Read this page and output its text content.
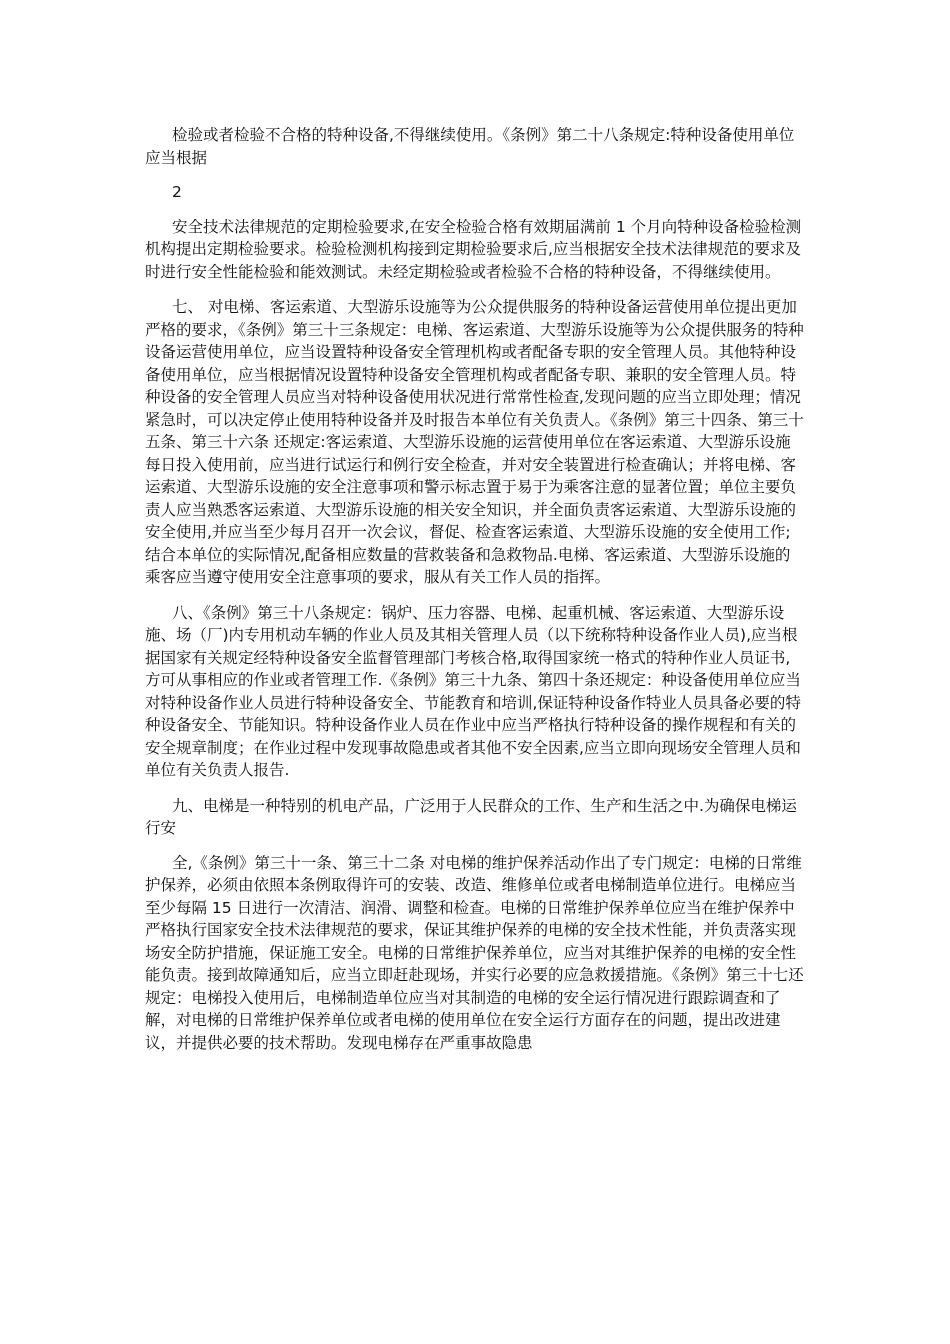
检验或者检验不合格的特种设备,不得继续使用。《条例》第二十八条规定:特种设备使用单位应当根据

2

安全技术法律规范的定期检验要求,在安全检验合格有效期届满前 1 个月向特种设备检验检测机构提出定期检验要求。检验检测机构接到定期检验要求后,应当根据安全技术法律规范的要求及时进行安全性能检验和能效测试。未经定期检验或者检验不合格的特种设备，不得继续使用。

七、 对电梯、客运索道、大型游乐设施等为公众提供服务的特种设备运营使用单位提出更加严格的要求，《条例》第三十三条规定：电梯、客运索道、大型游乐设施等为公众提供服务的特种设备运营使用单位，应当设置特种设备安全管理机构或者配备专职的安全管理人员。其他特种设备使用单位，应当根据情况设置特种设备安全管理机构或者配备专职、兼职的安全管理人员。特种设备的安全管理人员应当对特种设备使用状况进行常常性检查,发现问题的应当立即处理；情况紧急时，可以决定停止使用特种设备并及时报告本单位有关负责人。《条例》第三十四条、第三十五条、第三十六条 还规定:客运索道、大型游乐设施的运营使用单位在客运索道、大型游乐设施每日投入使用前，应当进行试运行和例行安全检查，并对安全装置进行检查确认；并将电梯、客运索道、大型游乐设施的安全注意事项和警示标志置于易于为乘客注意的显著位置；单位主要负责人应当熟悉客运索道、大型游乐设施的相关安全知识，并全面负责客运索道、大型游乐设施的安全使用,并应当至少每月召开一次会议，督促、检查客运索道、大型游乐设施的安全使用工作;结合本单位的实际情况,配备相应数量的营救装备和急救物品.电梯、客运索道、大型游乐设施的乘客应当遵守使用安全注意事项的要求，服从有关工作人员的指挥。

八、《条例》第三十八条规定：锅炉、压力容器、电梯、起重机械、客运索道、大型游乐设施、场（厂)内专用机动车辆的作业人员及其相关管理人员（以下统称特种设备作业人员),应当根据国家有关规定经特种设备安全监督管理部门考核合格,取得国家统一格式的特种作业人员证书,方可从事相应的作业或者管理工作.《条例》第三十九条、第四十条还规定：种设备使用单位应当对特种设备作业人员进行特种设备安全、节能教育和培训,保证特种设备作特业人员具备必要的特种设备安全、节能知识。特种设备作业人员在作业中应当严格执行特种设备的操作规程和有关的安全规章制度；在作业过程中发现事故隐患或者其他不安全因素,应当立即向现场安全管理人员和单位有关负责人报告.

九、电梯是一种特别的机电产品，广泛用于人民群众的工作、生产和生活之中.为确保电梯运行安

全,《条例》第三十一条、第三十二条 对电梯的维护保养活动作出了专门规定：电梯的日常维护保养，必须由依照本条例取得许可的安装、改造、维修单位或者电梯制造单位进行。电梯应当至少每隔 15 日进行一次清洁、润滑、调整和检查。电梯的日常维护保养单位应当在维护保养中严格执行国家安全技术法律规范的要求，保证其维护保养的电梯的安全技术性能，并负责落实现场安全防护措施，保证施工安全。电梯的日常维护保养单位，应当对其维护保养的电梯的安全性能负责。接到故障通知后，应当立即赶赴现场，并实行必要的应急救援措施。《条例》第三十七还规定：电梯投入使用后，电梯制造单位应当对其制造的电梯的安全运行情况进行跟踪调查和了解，对电梯的日常维护保养单位或者电梯的使用单位在安全运行方面存在的问题，提出改进建议，并提供必要的技术帮助。发现电梯存在严重事故隐患
